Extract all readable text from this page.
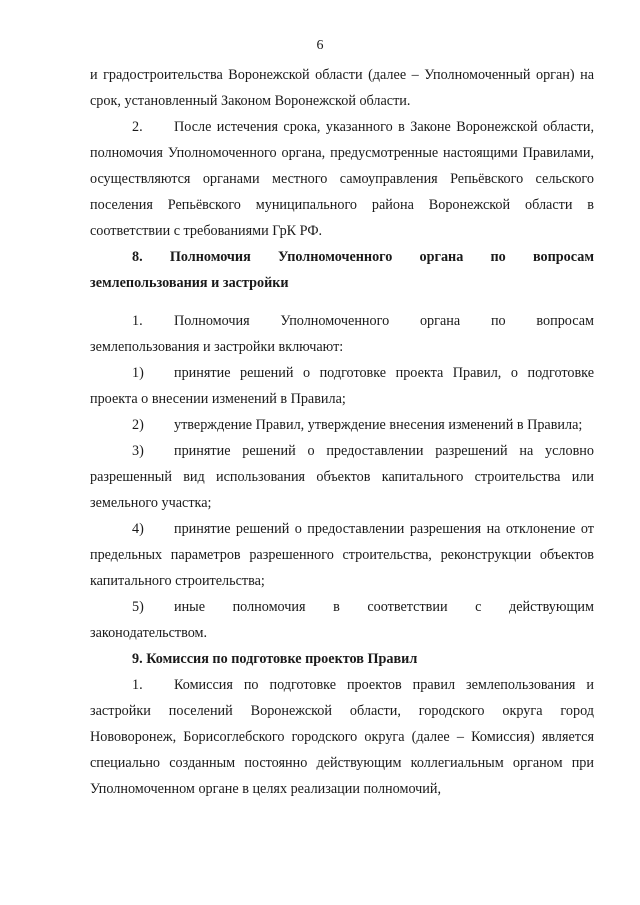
6

и градостроительства Воронежской области (далее – Уполномоченный орган) на срок, установленный Законом Воронежской области.

2. После истечения срока, указанного в Законе Воронежской области, полномочия Уполномоченного органа, предусмотренные настоящими Правилами, осуществляются органами местного самоуправления Репьёвского сельского поселения Репьёвского муниципального района Воронежской области в соответствии с требованиями ГрК РФ.

8. Полномочия Уполномоченного органа по вопросам землепользования и застройки

1. Полномочия Уполномоченного органа по вопросам землепользования и застройки включают:

1) принятие решений о подготовке проекта Правил, о подготовке проекта о внесении изменений в Правила;

2) утверждение Правил, утверждение внесения изменений в Правила;

3) принятие решений о предоставлении разрешений на условно разрешенный вид использования объектов капитального строительства или земельного участка;

4) принятие решений о предоставлении разрешения на отклонение от предельных параметров разрешенного строительства, реконструкции объектов капитального строительства;

5) иные полномочия в соответствии с действующим законодательством.

9. Комиссия по подготовке проектов Правил

1. Комиссия по подготовке проектов правил землепользования и застройки поселений Воронежской области, городского округа город Нововоронеж, Борисоглебского городского округа (далее – Комиссия) является специально созданным постоянно действующим коллегиальным органом при Уполномоченном органе в целях реализации полномочий,
